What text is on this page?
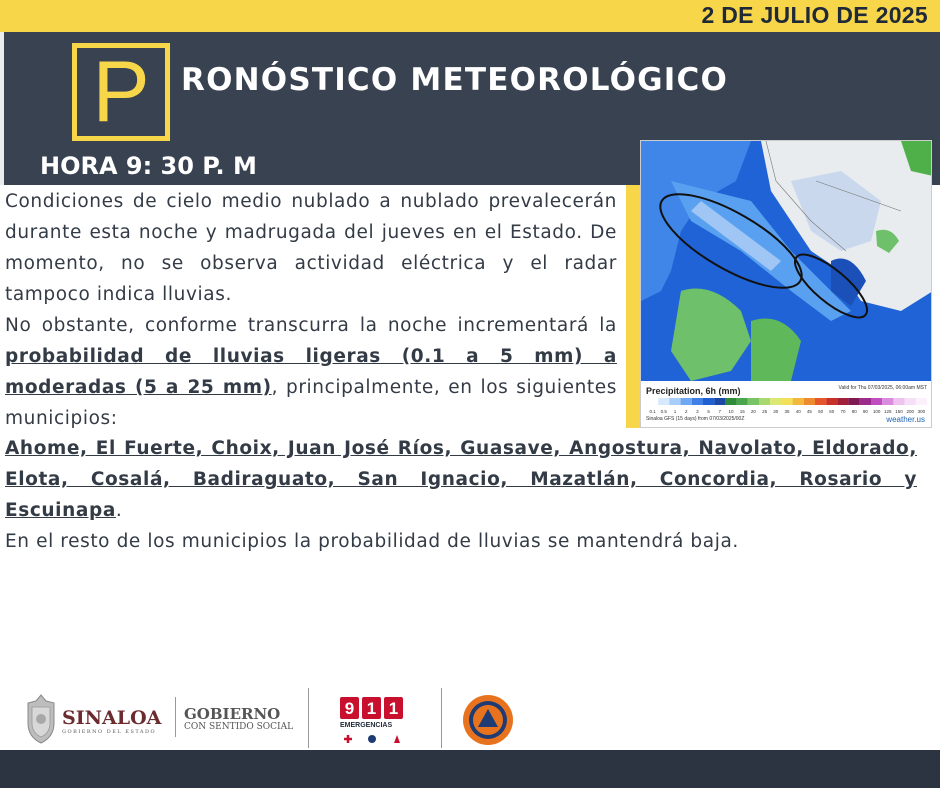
2 DE JULIO DE 2025
P	RONÓSTICO METEOROLÓGICO
HORA 9: 30 P. M
Precipitation, 6h (mm)	Valid for Thu 07/03/2025, 06:00am MST
0.1 0.5 1 2 3 5 7 10 15 20 25 30 35 40 45 50 60 70 80 90 100 125 150 200 300
Sinaloa GFS (15 days) from 07/03/2025/00Z	weather.us

Condiciones de cielo medio nublado a nublado prevalecerán durante esta noche y madrugada del jueves en el Estado. De momento, no se observa actividad eléctrica y el radar tampoco indica lluvias.

No obstante, conforme transcurra la noche incrementará la probabilidad de lluvias ligeras (0.1 a 5 mm) a moderadas (5 a 25 mm), principalmente, en los siguientes municipios:

Ahome, El Fuerte, Choix, Juan José Ríos, Guasave, Angostura, Navolato, Eldorado, Elota, Cosalá, Badiraguato, San Ignacio, Mazatlán, Concordia, Rosario y Escuinapa.

En el resto de los municipios la probabilidad de lluvias se mantendrá baja.

SINALOA
GOBIERNO DEL ESTADO
GOBIERNO
CON SENTIDO SOCIAL
9 1 1
EMERGENCIAS
